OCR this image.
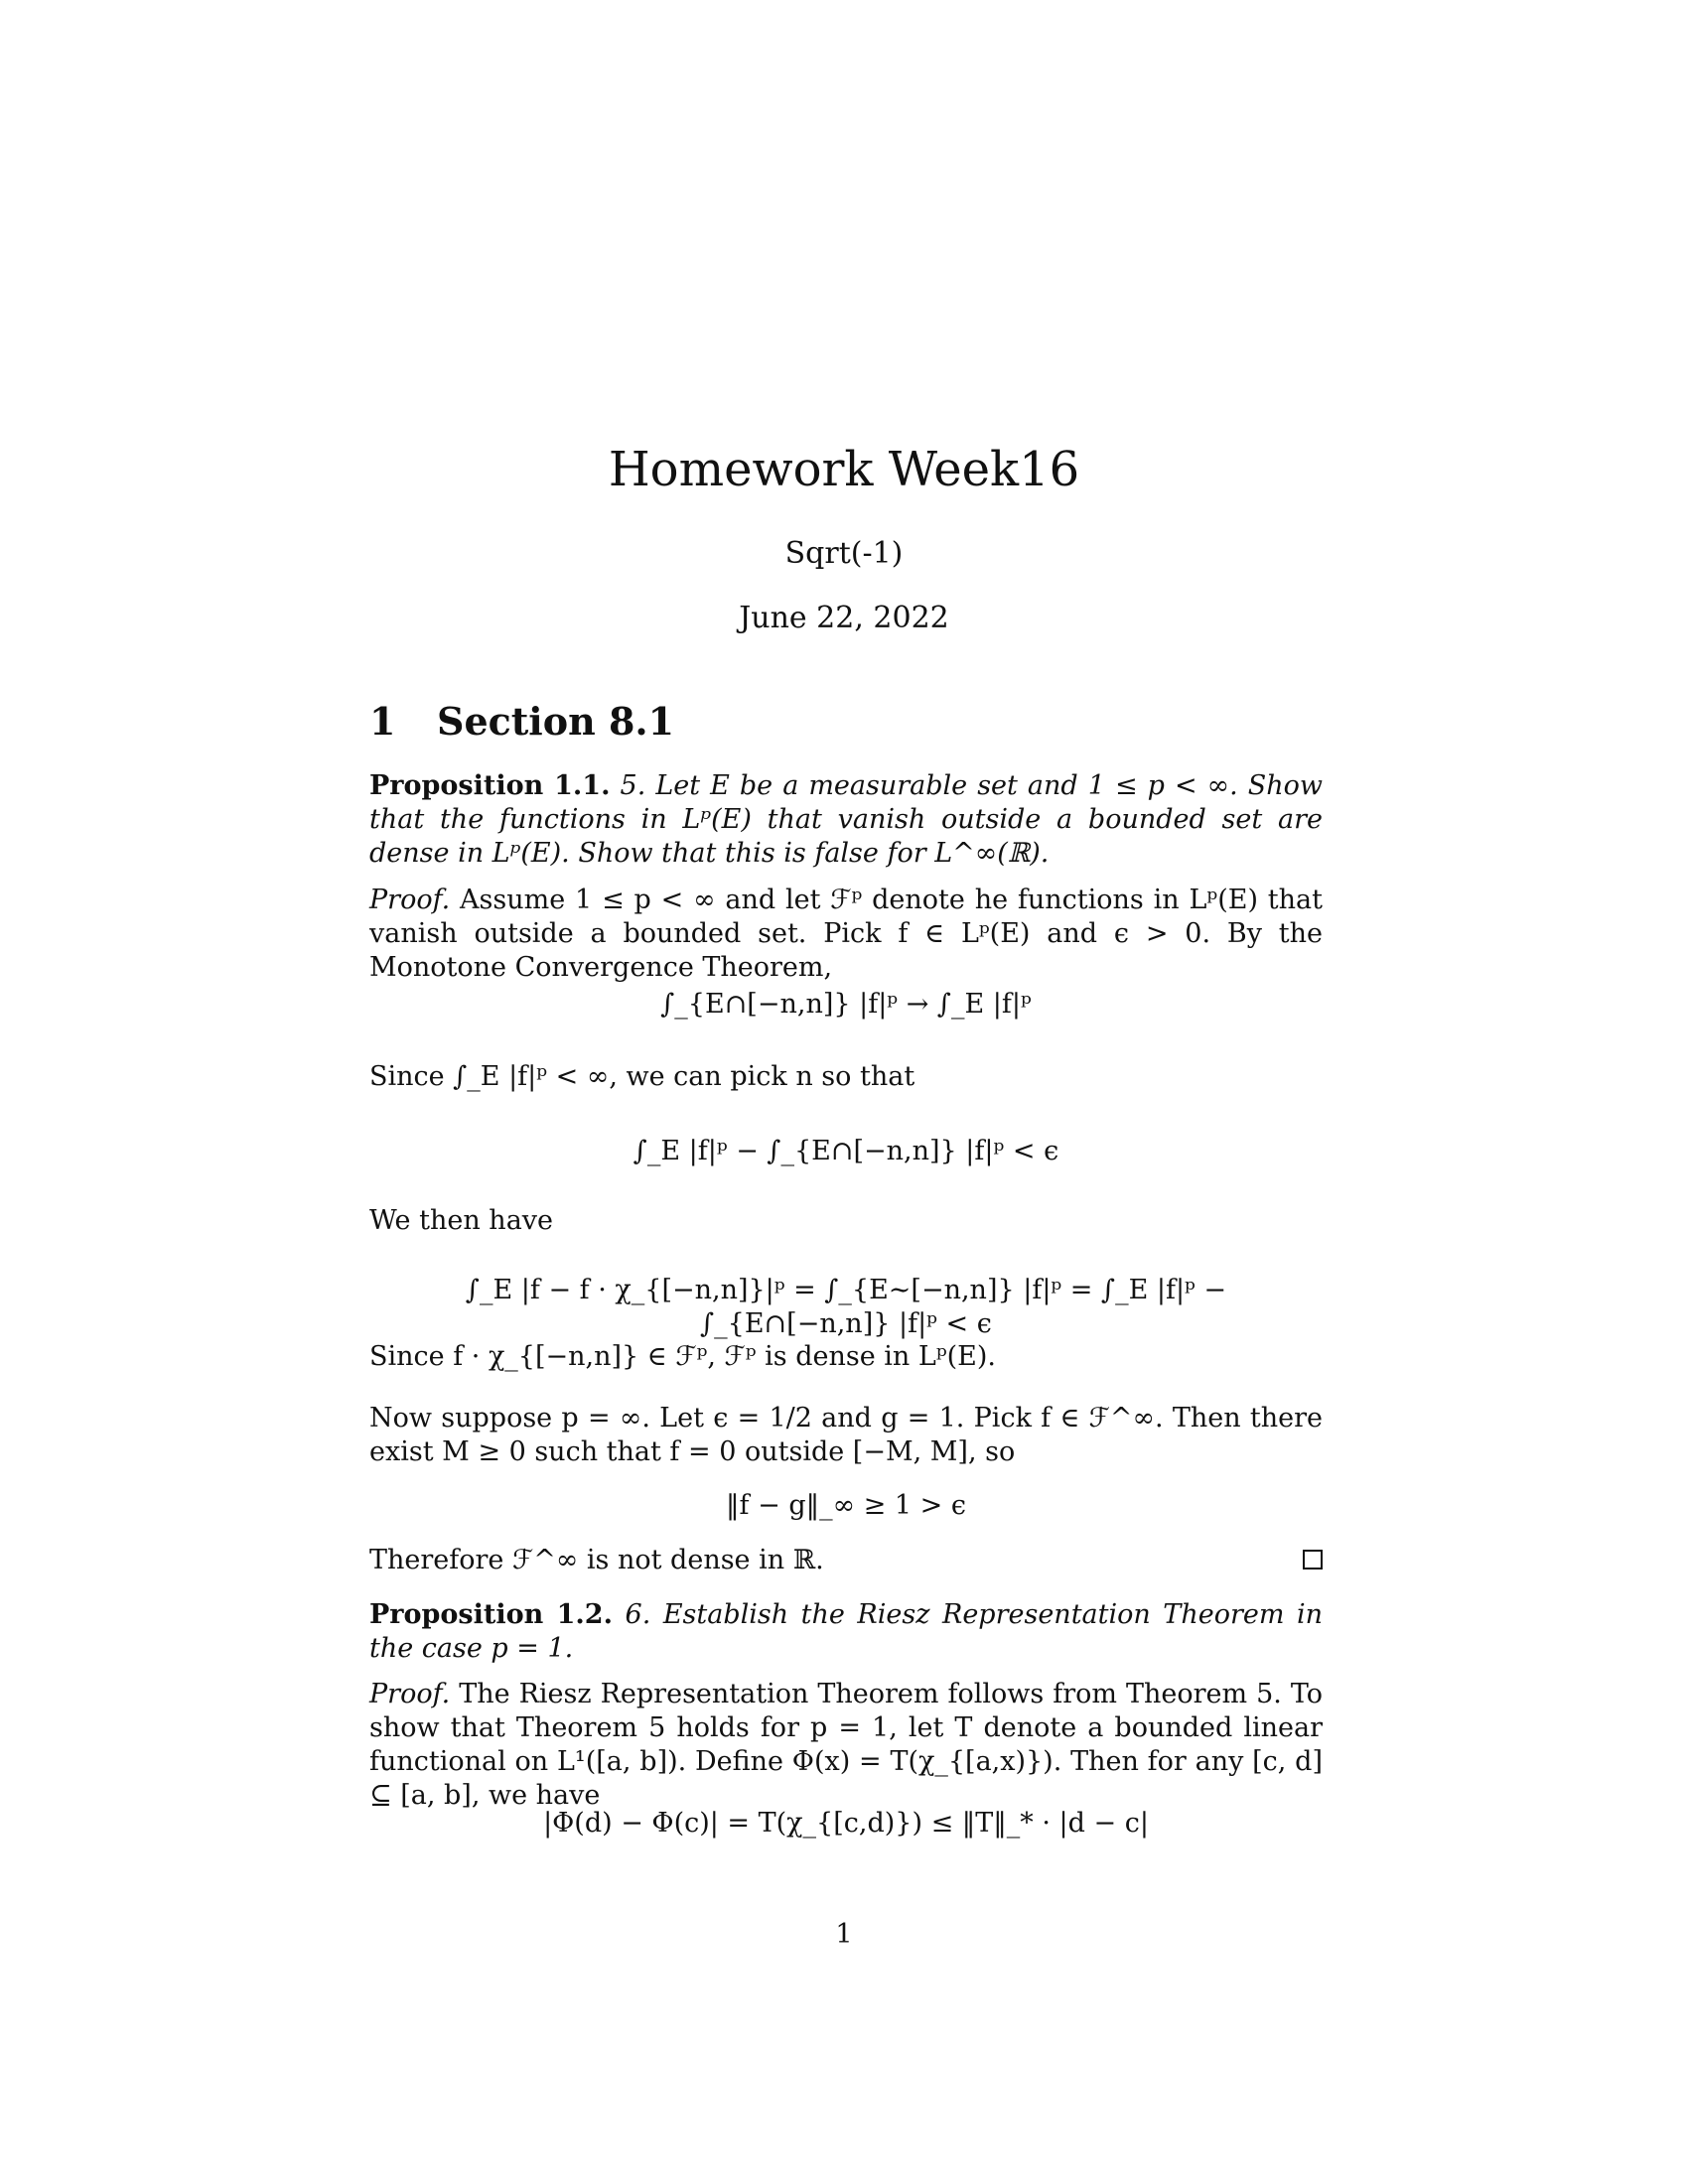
Homework Week16
Sqrt(-1)
June 22, 2022
1 Section 8.1
Proposition 1.1. 5. Let E be a measurable set and 1 ≤ p < ∞. Show that the functions in Lᵖ(E) that vanish outside a bounded set are dense in Lᵖ(E). Show that this is false for L^∞(ℝ).
Proof. Assume 1 ≤ p < ∞ and let ℱᵖ denote he functions in Lᵖ(E) that vanish outside a bounded set. Pick f ∈ Lᵖ(E) and ϵ > 0. By the Monotone Convergence Theorem,
∫_{E∩[−n,n]} |f|ᵖ → ∫_E |f|ᵖ
Since ∫_E |f|ᵖ < ∞, we can pick n so that
∫_E |f|ᵖ − ∫_{E∩[−n,n]} |f|ᵖ < ϵ
We then have
∫_E |f − f · χ_{[−n,n]}|ᵖ = ∫_{E∼[−n,n]} |f|ᵖ = ∫_E |f|ᵖ − ∫_{E∩[−n,n]} |f|ᵖ < ϵ
Since f · χ_{[−n,n]} ∈ ℱᵖ, ℱᵖ is dense in Lᵖ(E).
Now suppose p = ∞. Let ϵ = 1/2 and g = 1. Pick f ∈ ℱ^∞. Then there exist M ≥ 0 such that f = 0 outside [−M, M], so
‖f − g‖_∞ ≥ 1 > ϵ
Therefore ℱ^∞ is not dense in ℝ.
Proposition 1.2. 6. Establish the Riesz Representation Theorem in the case p = 1.
Proof. The Riesz Representation Theorem follows from Theorem 5. To show that Theorem 5 holds for p = 1, let T denote a bounded linear functional on L¹([a, b]). Define Φ(x) = T(χ_{[a,x)}). Then for any [c, d] ⊆ [a, b], we have
|Φ(d) − Φ(c)| = T(χ_{[c,d)}) ≤ ‖T‖_* · |d − c|
1
